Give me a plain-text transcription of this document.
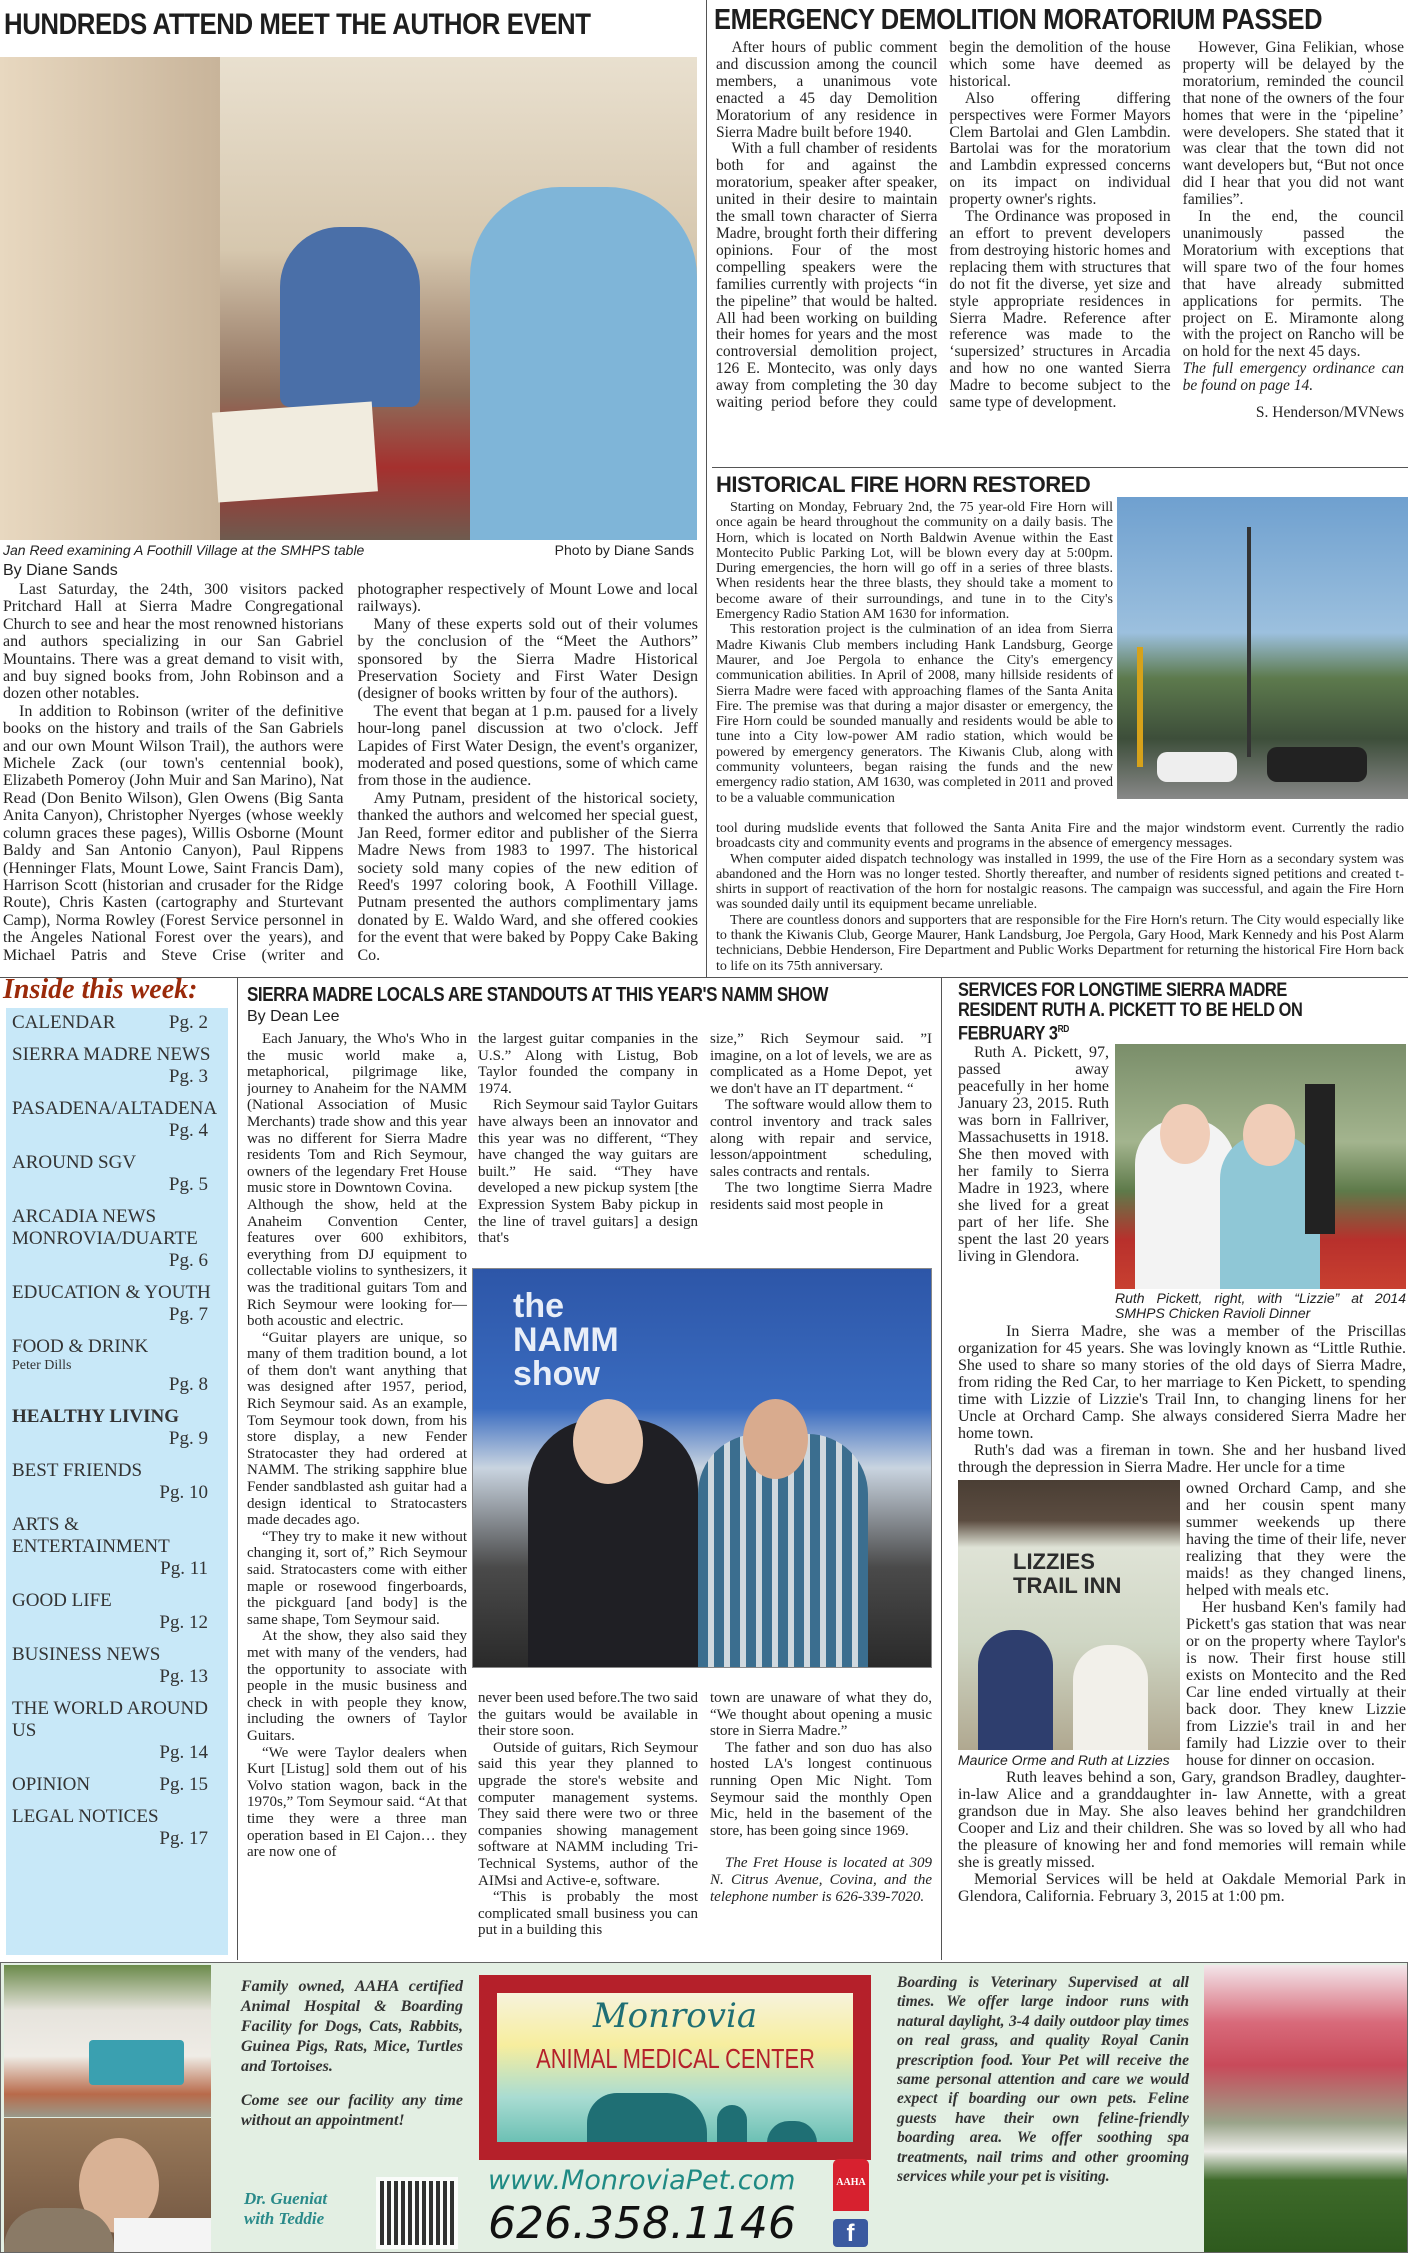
HUNDREDS ATTEND MEET THE AUTHOR EVENT
Jan Reed examining A Foothill Village at the SMHPS table	Photo by Diane Sands
By Diane Sands

Last Saturday, the 24th, 300 visitors packed Pritchard Hall at Sierra Madre Congregational Church to see and hear the most renowned historians and authors specializing in our San Gabriel Mountains. There was a great demand to visit with, and buy signed books from, John Robinson and a dozen other notables.

In addition to Robinson (writer of the definitive books on the history and trails of the San Gabriels and our own Mount Wilson Trail), the authors were Michele Zack (our town's centennial book), Elizabeth Pomeroy (John Muir and San Marino), Nat Read (Don Benito Wilson), Glen Owens (Big Santa Anita Canyon), Christopher Nyerges (whose weekly column graces these pages), Willis Osborne (Mount Baldy and San Antonio Canyon), Paul Rippens (Henninger Flats, Mount Lowe, Saint Francis Dam), Harrison Scott (historian and crusader for the Ridge Route), Chris Kasten (cartography and Sturtevant Camp), Norma Rowley (Forest Service personnel in the Angeles National Forest over the years), and Michael Patris and Steve Crise (writer and photographer respectively of Mount Lowe and local railways).

Many of these experts sold out of their volumes by the conclusion of the “Meet the Authors” sponsored by the Sierra Madre Historical Preservation Society and First Water Design (designer of books written by four of the authors).

The event that began at 1 p.m. paused for a lively hour-long panel discussion at two o'clock. Jeff Lapides of First Water Design, the event's organizer, moderated and posed questions, some of which came from those in the audience.

Amy Putnam, president of the historical society, thanked the authors and welcomed her special guest, Jan Reed, former editor and publisher of the Sierra Madre News from 1983 to 1997. The historical society sold many copies of the new edition of Reed's 1997 coloring book, A Foothill Village. Putnam presented the authors complimentary jams donated by E. Waldo Ward, and she offered cookies for the event that were baked by Poppy Cake Baking Co.

EMERGENCY DEMOLITION MORATORIUM PASSED

After hours of public comment and discussion among the council members, a unanimous vote enacted a 45 day Demolition Moratorium of any residence in Sierra Madre built before 1940.

With a full chamber of residents both for and against the moratorium, speaker after speaker, united in their desire to maintain the small town character of Sierra Madre, brought forth their differing opinions. Four of the most compelling speakers were the families currently with projects “in the pipeline” that would be halted. All had been working on building their homes for years and the most controversial demolition project, 126 E. Montecito, was only days away from completing the 30 day waiting period before they could begin the demolition of the house which some have deemed as historical.

Also offering differing perspectives were Former Mayors Clem Bartolai and Glen Lambdin. Bartolai was for the moratorium and Lambdin expressed concerns on its impact on individual property owner's rights.

The Ordinance was proposed in an effort to prevent developers from destroying historic homes and replacing them with structures that do not fit the diverse, yet size and style appropriate residences in Sierra Madre. Reference after reference was made to the ‘supersized’ structures in Arcadia and how no one wanted Sierra Madre to become subject to the same type of development.

However, Gina Felikian, whose property will be delayed by the moratorium, reminded the council that none of the owners of the four homes that were in the ‘pipeline’ were developers. She stated that it was clear that the town did not want developers but, “But not once did I hear that you did not want families”.

In the end, the council unanimously passed the Moratorium with exceptions that will spare two of the four homes that have already submitted applications for permits. The project on E. Miramonte along with the project on Rancho will be on hold for the next 45 days.

The full emergency ordinance can be found on page 14.

S. Henderson/MVNews

HISTORICAL FIRE HORN RESTORED

Starting on Monday, February 2nd, the 75 year-old Fire Horn will once again be heard throughout the community on a daily basis. The Horn, which is located on North Baldwin Avenue within the East Montecito Public Parking Lot, will be blown every day at 5:00pm. During emergencies, the horn will go off in a series of three blasts. When residents hear the three blasts, they should take a moment to become aware of their surroundings, and tune in to the City's Emergency Radio Station AM 1630 for information.

This restoration project is the culmination of an idea from Sierra Madre Kiwanis Club members including Hank Landsburg, George Maurer, and Joe Pergola to enhance the City's emergency communication abilities. In April of 2008, many hillside residents of Sierra Madre were faced with approaching flames of the Santa Anita Fire. The premise was that during a major disaster or emergency, the Fire Horn could be sounded manually and residents would be able to tune into a City low-power AM radio station, which would be powered by emergency generators. The Kiwanis Club, along with community volunteers, began raising the funds and the new emergency radio station, AM 1630, was completed in 2011 and proved to be a valuable communication

tool during mudslide events that followed the Santa Anita Fire and the major windstorm event. Currently the radio broadcasts city and community events and programs in the absence of emergency messages.

When computer aided dispatch technology was installed in 1999, the use of the Fire Horn as a secondary system was abandoned and the Horn was no longer tested. Shortly thereafter, and number of residents signed petitions and created t-shirts in support of reactivation of the horn for nostalgic reasons. The campaign was successful, and again the Fire Horn was sounded daily until its equipment became unreliable.

There are countless donors and supporters that are responsible for the Fire Horn's return. The City would especially like to thank the Kiwanis Club, George Maurer, Hank Landsburg, Joe Pergola, Gary Hood, Mark Kennedy and his Post Alarm technicians, Debbie Henderson, Fire Department and Public Works Department for returning the historical Fire Horn back to life on its 75th anniversary.

Inside this week:
CALENDAR	Pg. 2
SIERRA MADRE NEWS
Pg. 3
PASADENA/ALTADENA
Pg. 4
AROUND SGV
Pg. 5
ARCADIA NEWS MONROVIA/DUARTE
Pg. 6
EDUCATION & YOUTH
Pg. 7
FOOD & DRINK
Peter Dills
Pg. 8
HEALTHY LIVING
Pg. 9
BEST FRIENDS
Pg. 10
ARTS & ENTERTAINMENT
Pg. 11
GOOD LIFE
Pg. 12
BUSINESS NEWS
Pg. 13
THE WORLD AROUND US
Pg. 14
OPINION	Pg. 15
LEGAL NOTICES
Pg. 17
SIERRA MADRE LOCALS ARE STANDOUTS AT THIS YEAR'S NAMM SHOW
By Dean Lee

Each January, the Who's Who in the music world make a, metaphorical, pilgrimage like, journey to Anaheim for the NAMM (National Association of Music Merchants) trade show and this year was no different for Sierra Madre residents Tom and Rich Seymour, owners of the legendary Fret House music store in Downtown Covina.

Although the show, held at the Anaheim Convention Center, features over 600 exhibitors, everything from DJ equipment to collectable violins to synthesizers, it was the traditional guitars Tom and Rich Seymour were looking for—both acoustic and electric.

“Guitar players are unique, so many of them tradition bound, a lot of them don't want anything that was designed after 1957, period, Rich Seymour said. As an example, Tom Seymour took down, from his store display, a new Fender Stratocaster they had ordered at NAMM. The striking sapphire blue Fender sandblasted ash guitar had a design identical to Stratocasters made decades ago.

“They try to make it new without changing it, sort of,” Rich Seymour said. Stratocasters come with either maple or rosewood fingerboards, the pickguard [and body] is the same shape, Tom Seymour said.

At the show, they also said they met with many of the venders, had the opportunity to associate with people in the music business and check in with people they know, including the owners of Taylor Guitars.

“We were Taylor dealers when Kurt [Listug] sold them out of his Volvo station wagon, back in the 1970s,” Tom Seymour said. “At that time they were a three man operation based in El Cajon… they are now one of

the largest guitar companies in the U.S.” Along with Listug, Bob Taylor founded the company in 1974.

Rich Seymour said Taylor Guitars have always been an innovator and this year was no different, “They have changed the way guitars are built.” He said. “They have developed a new pickup system [the Expression System Baby pickup in the line of travel guitars] a design that's

size,” Rich Seymour said. ”I imagine, on a lot of levels, we are as complicated as a Home Depot, yet we don't have an IT department. “

The software would allow them to control inventory and track sales along with repair and service, lesson/appointment scheduling, sales contracts and rentals.

The two longtime Sierra Madre residents said most people in

the NAMM show

never been used before.The two said the guitars would be available in their store soon.

Outside of guitars, Rich Seymour said this year they planned to upgrade the store's website and computer management systems. They said there were two or three companies showing management software at NAMM including Tri-Technical Systems, author of the AIMsi and Active-e, software.

“This is probably the most complicated small business you can put in a building this

town are unaware of what they do, “We thought about opening a music store in Sierra Madre.”

The father and son duo has also hosted LA's longest continuous running Open Mic Night. Tom Seymour said the monthly Open Mic, held in the basement of the store, has been going since 1969.

The Fret House is located at 309 N. Citrus Avenue, Covina, and the telephone number is 626-339-7020.

SERVICES FOR LONGTIME SIERRA MADRE
RESIDENT RUTH A. PICKETT TO BE HELD ON
FEBRUARY 3RD

Ruth A. Pickett, 97, passed away peacefully in her home January 23, 2015. Ruth was born in Fallriver, Massachusetts in 1918. She then moved with her family to Sierra Madre in 1923, where she lived for a great part of her life. She spent the last 20 years living in Glendora.

Ruth Pickett, right, with “Lizzie” at 2014 SMHPS Chicken Ravioli Dinner

In Sierra Madre, she was a member of the Priscillas organization for 45 years. She was lovingly known as “Little Ruthie. She used to share so many stories of the old days of Sierra Madre, from riding the Red Car, to her marriage to Ken Pickett, to spending time with Lizzie of Lizzie's Trail Inn, to changing linens for her Uncle at Orchard Camp. She always considered Sierra Madre her home town.

Ruth's dad was a fireman in town. She and her husband lived through the depression in Sierra Madre. Her uncle for a time

LIZZIES TRAIL INN
Maurice Orme and Ruth at Lizzies

owned Orchard Camp, and she and her cousin spent many summer weekends up there having the time of their life, never realizing that they were the maids! as they changed linens, helped with meals etc.

Her husband Ken's family had Pickett's gas station that was near or on the property where Taylor's is now. Their first house still exists on Montecito and the Red Car line ended virtually at their back door. They knew Lizzie from Lizzie's trail in and her family had Lizzie over to their house for dinner on occasion.

Ruth leaves behind a son, Gary, grandson Bradley, daughter-in-law Alice and a granddaughter in- law Annette, with a great grandson due in May. She also leaves behind her grandchildren Cooper and Liz and their children. She was so loved by all who had the pleasure of knowing her and fond memories will remain while she is greatly missed.

Memorial Services will be held at Oakdale Memorial Park in Glendora, California. February 3, 2015 at 1:00 pm.

Family owned, AAHA certified Animal Hospital & Boarding Facility for Dogs, Cats, Rabbits, Guinea Pigs, Rats, Mice, Turtles and Tortoises.
Come see our facility any time without an appointment!
Dr. Gueniat with Teddie
Monrovia
ANIMAL MEDICAL CENTER
www.MonroviaPet.com
626.358.1146
AAHA
f
Boarding is Veterinary Supervised at all times. We offer large indoor runs with natural daylight, 3-4 daily outdoor play times on real grass, and quality Royal Canin prescription food. Your Pet will receive the same personal attention and care we would expect if boarding our own pets. Feline guests have their own feline-friendly boarding area. We offer soothing spa treatments, nail trims and other grooming services while your pet is visiting.
